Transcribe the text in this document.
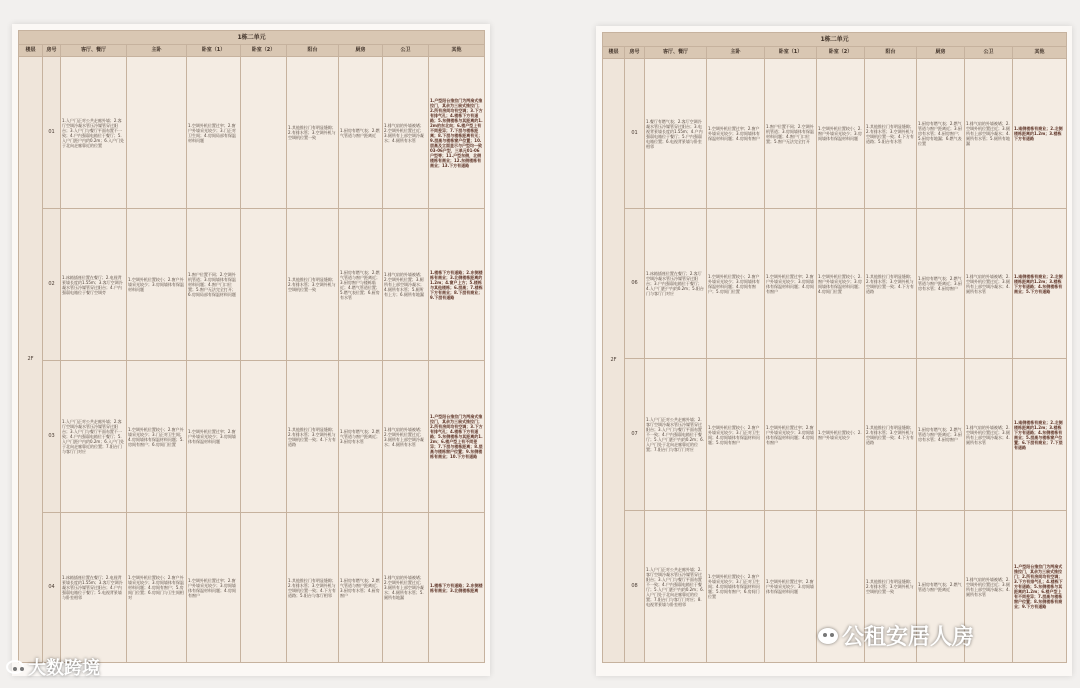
1栋二单元									
楼层	房号	客厅、餐厅	主卧	卧室（1）	卧室（2）	阳台	厨房	公卫	其他
2F	01	1.入户门正对公共走廊外墙；2.客厅空调冷凝水管压冷媒管穿过阳台；3.入户门与餐厅平面布置不一致；4.户内强弱电箱位于餐厅；5.入户门距户内约0.2m；6.入户门处于北向走廊靠近的位置		1.空调外机位置过窄；2.窗户外墙采光较少；3.门正对卫生间；4.房间局部有保温材料问题		1.其他推拉门有明显缝隙；2.有排水管；3.空调外机与空调机位置一致	1.厨房有燃气表；2.燃气管道与窗户距离近	1.排气扇的外墙被堵；2.空调外机位置过近；3.厕所有上部空调冷凝水；4.厕所有水管	1.户型阳台推拉门为两扇式推拉门，其余为三扇式推拉门；2.所有房间均有空调；3.下方有排气孔；4.楼栋下方有道路；5.东侧楼栋与其距离约1.2m的东北向；6.楼户型上有不同差异；7.下层与楼栋距离；8.下层与楼栋距离有无；9.层高与楼栋窗户位置；10.层高及立面显示与户型均一致03-06户型，三单元01-06户型等；11.户型东侧，北侧楼栋有商业；12.东侧楼栋有商业；13.下方有道路
	02	1.冰箱插座位置在餐厅；2.电视背景墙长度约1.55m；3.客厅空调冷凝水管压冷媒管穿过阳台；4.户内强弱电箱位于餐厅空调旁	1.空调外机位置较小；2.窗户外墙采光较少；3.房间墙体有保温材料问题	1.窗户位置不同；2.空调外机管道；3.房间墙体有保温材料问题；4.窗户门口位置；5.窗户无法完全打开；6.房间局部有保温材料问题		1.其他推拉门有明显缝隙；2.有排水管；3.空调外机与空调机位置一致	1.厨房有燃气表；2.燃气管道与窗户距离近；3.厨房窗户与楼栋临近；4.燃气管道位置；5.燃气表位置；6.厨房有水管	1.排气扇的外墙被堵；2.空调外机位置；3.厕所有上部空调冷凝水；4.厕所有水管；5.厕所有上方；6.厕所有地漏	1.楼栋下方有道路；2.东侧楼栋有商业；3.北侧楼栋距离约1.2m；4.窗户上方；5.楼栋与其他楼栋；6.层高；7.楼栋下方有商业；8.下层有商业；9.下层有道路
	03	1.入户门正对公共走廊外墙；2.客厅空调冷凝水管压冷媒管穿过阳台；3.入户门与餐厅平面布置不一致；4.户内强弱电箱位于餐厅；5.入户门距户内约0.2m；6.入户门处于北向走廊靠近的位置；7.阳台门与客厅门对应	1.空调外机位置较小；2.窗户外墙采光较少；3.门正对卫生间；4.房间墙体有保温材料问题；5.房间有窗户；6.房间门位置	1.空调外机位置过窄；2.窗户外墙采光较少；3.房间墙体有保温材料问题		1.其他推拉门有明显缝隙；2.有排水管；3.空调外机与空调机位置一致；4.下方有道路	1.厨房有燃气表；2.燃气管道与窗户距离近；3.厨房有水管	1.排气扇的外墙被堵；2.空调外机位置过近；3.厕所有上部空调冷凝水；4.厕所有水管	1.户型阳台推拉门为两扇式推拉门，其余为三扇式推拉门；2.所有房间均有空调；3.下方有排气孔；4.楼栋下方有道路；5.东侧楼栋与其距离约1.2m；6.楼户型上有不同差异；7.下层与楼栋距离；8.层高与楼栋窗户位置；9.东侧楼栋有商业；10.下方有道路
	04	1.冰箱插座位置在餐厅；2.电视背景墙长度约1.55m；3.客厅空调冷凝水管压冷媒管穿过阳台；4.户内强弱电箱位于餐厅；5.电视背景墙与卧室相邻	1.空调外机位置较小；2.窗户外墙采光较少；3.房间墙体有保温材料问题；4.房间有窗户；5.房间门位置；6.房间门与卫生间相对	1.空调外机位置过窄；2.窗户外墙采光较少；3.房间墙体有保温材料问题；4.房间有窗户		1.其他推拉门有明显缝隙；2.有排水管；3.空调外机与空调机位置一致；4.下方有道路；5.阳台与客厅相邻	1.厨房有燃气表；2.燃气管道与窗户距离近；3.厨房有水管；4.厨房窗户	1.排气扇的外墙被堵；2.空调外机位置过近；3.厕所有上部空调冷凝水；4.厕所有水管；5.厕所有地漏	1.楼栋下方有道路；2.东侧楼栋有商业；3.北侧楼栋距离
1栋二单元									
楼层	房号	客厅、餐厅	主卧	卧室（1）	卧室（2）	阳台	厨房	公卫	其他
2F	01	1.餐厅有燃气表；2.客厅空调冷凝水管压冷媒管穿过阳台；3.电视背景墙长度约1.55m；4.户内强弱电箱位于餐厅；5.户内强弱电箱位置；6.电视背景墙与卧室相邻	1.空调外机位置过窄；2.窗户外墙采光较少；3.房间墙体有保温材料问题；4.房间有窗户	1.窗户位置不同；2.空调外机管道；3.房间墙体有保温材料问题；4.窗户门口位置；5.窗户无法完全打开	1.空调外机位置较小；2.窗户外墙采光较少；3.房间墙体有保温材料问题	1.其他推拉门有明显缝隙；2.有排水管；3.空调外机与空调机位置一致；4.下方有道路；5.阳台有水管	1.厨房有燃气表；2.燃气管道与窗户距离近；3.厨房有水管；4.厨房窗户；5.厨房有地漏；6.燃气表位置	1.排气扇的外墙被堵；2.空调外机位置过近；3.厕所有上部空调冷凝水；4.厕所有水管；5.厕所有地漏	1.南侧楼栋有商业；2.北侧楼栋距离约1.2m；3.楼栋下方有道路
	06	1.冰箱插座位置在餐厅；2.客厅空调冷凝水管压冷媒管穿过阳台；3.户内强弱电箱位于餐厅；4.入户门距户内约0.2m；5.阳台门与客厅门对应	1.空调外机位置较小；2.窗户外墙采光较少；3.房间墙体有保温材料问题；4.房间有窗户；5.房间门位置	1.空调外机位置过窄；2.窗户外墙采光较少；3.房间墙体有保温材料问题；4.房间有窗户	1.空调外机位置较小；2.窗户外墙采光较少；3.房间墙体有保温材料问题；4.房间门位置	1.其他推拉门有明显缝隙；2.有排水管；3.空调外机与空调机位置一致；4.下方有道路	1.厨房有燃气表；2.燃气管道与窗户距离近；3.厨房有水管；4.厨房窗户	1.排气扇的外墙被堵；2.空调外机位置过近；3.厕所有上部空调冷凝水；4.厕所有水管	1.南侧楼栋有商业；2.北侧楼栋距离约1.2m；3.楼栋下方有道路；4.东侧楼栋有商业；5.下方有道路
	07	1.入户门正对公共走廊外墙；2.客厅空调冷凝水管压冷媒管穿过阳台；3.入户门与餐厅平面布置不一致；4.户内强弱电箱位于餐厅；5.入户门距户内约0.2m；6.入户门处于北向走廊靠近的位置；7.阳台门与客厅门对应	1.空调外机位置较小；2.窗户外墙采光较少；3.门正对卫生间；4.房间墙体有保温材料问题；5.房间有窗户	1.空调外机位置过窄；2.窗户外墙采光较少；3.房间墙体有保温材料问题；4.房间有窗户	1.空调外机位置较小；2.窗户外墙采光较少	1.其他推拉门有明显缝隙；2.有排水管；3.空调外机与空调机位置一致；4.下方有道路	1.厨房有燃气表；2.燃气管道与窗户距离近；3.厨房有水管；4.厨房窗户	1.排气扇的外墙被堵；2.空调外机位置过近；3.厕所有上部空调冷凝水；4.厕所有水管	1.南侧楼栋有商业；2.北侧楼栋距离约1.2m；3.楼栋下方有道路；4.东侧楼栋有商业；5.层高与楼栋窗户位置；6.下层有商业；7.下层有道路
	08	1.入户门正对公共走廊外墙；2.客厅空调冷凝水管压冷媒管穿过阳台；3.入户门与餐厅平面布置不一致；4.户内强弱电箱位于餐厅；5.入户门距户内约0.2m；6.入户门处于北向走廊靠近的位置；7.阳台门与客厅门对应；8.电视背景墙与卧室相邻	1.空调外机位置较小；2.窗户外墙采光较少；3.门正对卫生间；4.房间墙体有保温材料问题；5.房间有窗户；6.房间门位置	1.空调外机位置过窄；2.窗户外墙采光较少；3.房间墙体有保温材料问题		1.其他推拉门有明显缝隙；2.有排水管；3.空调外机与空调机位置一致	1.厨房有燃气表；2.燃气管道与窗户距离近	1.排气扇的外墙被堵；2.空调外机位置过近；3.厕所有上部空调冷凝水；4.厕所有水管	1.户型阳台推拉门为两扇式推拉门，其余为三扇式推拉门；2.所有房间均有空调；3.下方有排气孔；4.楼栋下方有道路；5.东侧楼栋与其距离约1.2m；6.楼户型上有不同差异；7.层高与楼栋窗户位置；8.东侧楼栋有商业；9.下方有道路
大数跨境
公租安居人房
